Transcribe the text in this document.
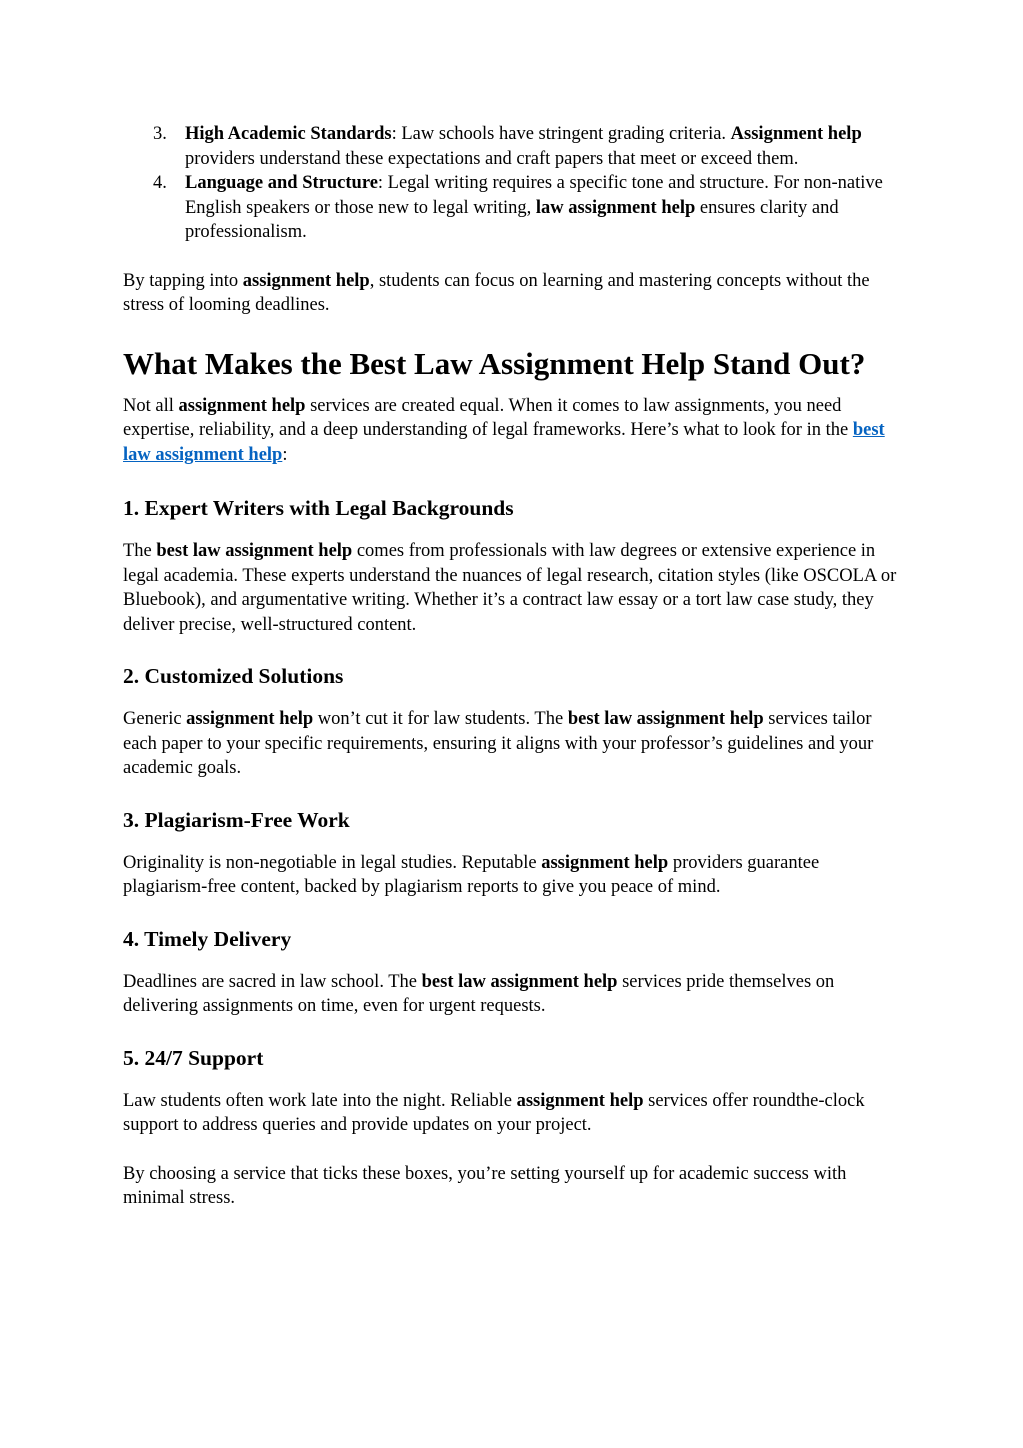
3. High Academic Standards: Law schools have stringent grading criteria. Assignment help providers understand these expectations and craft papers that meet or exceed them.
4. Language and Structure: Legal writing requires a specific tone and structure. For non-native English speakers or those new to legal writing, law assignment help ensures clarity and professionalism.

By tapping into assignment help, students can focus on learning and mastering concepts without the stress of looming deadlines.

What Makes the Best Law Assignment Help Stand Out?

Not all assignment help services are created equal. When it comes to law assignments, you need expertise, reliability, and a deep understanding of legal frameworks. Here’s what to look for in the best law assignment help:

1. Expert Writers with Legal Backgrounds

The best law assignment help comes from professionals with law degrees or extensive experience in legal academia. These experts understand the nuances of legal research, citation styles (like OSCOLA or Bluebook), and argumentative writing. Whether it’s a contract law essay or a tort law case study, they deliver precise, well-structured content.

2. Customized Solutions

Generic assignment help won’t cut it for law students. The best law assignment help services tailor each paper to your specific requirements, ensuring it aligns with your professor’s guidelines and your academic goals.

3. Plagiarism-Free Work

Originality is non-negotiable in legal studies. Reputable assignment help providers guarantee plagiarism-free content, backed by plagiarism reports to give you peace of mind.

4. Timely Delivery

Deadlines are sacred in law school. The best law assignment help services pride themselves on delivering assignments on time, even for urgent requests.

5. 24/7 Support

Law students often work late into the night. Reliable assignment help services offer roundthe-clock support to address queries and provide updates on your project.

By choosing a service that ticks these boxes, you’re setting yourself up for academic success with minimal stress.
